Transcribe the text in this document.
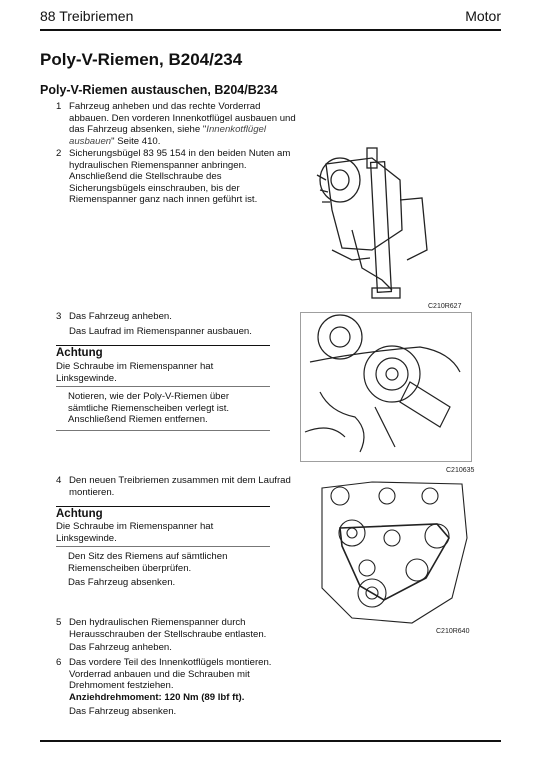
88 Treibriemen	Motor
Poly-V-Riemen, B204/234
Poly-V-Riemen austauschen, B204/B234
1 Fahrzeug anheben und das rechte Vorderrad abbauen. Den vorderen Innenkotflügel ausbauen und das Fahrzeug absenken, siehe "Innenkotflügel ausbauen" Seite 410.
2 Sicherungsbügel 83 95 154 in den beiden Nuten am hydraulischen Riemenspanner anbringen. Anschließend die Stellschraube des Sicherungsbügels einschrauben, bis der Riemenspanner ganz nach innen geführt ist.
3 Das Fahrzeug anheben.
Das Laufrad im Riemenspanner ausbauen.
Achtung
Die Schraube im Riemenspanner hat Linksgewinde.
Notieren, wie der Poly-V-Riemen über sämtliche Riemenscheiben verlegt ist. Anschließend Riemen entfernen.
4 Den neuen Treibriemen zusammen mit dem Laufrad montieren.
Achtung
Die Schraube im Riemenspanner hat Linksgewinde.
Den Sitz des Riemens auf sämtlichen Riemenscheiben überprüfen.
Das Fahrzeug absenken.
5 Den hydraulischen Riemenspanner durch Herausschrauben der Stellschraube entlasten.
Das Fahrzeug anheben.
6 Das vordere Teil des Innenkotflügels montieren. Vorderrad anbauen und die Schrauben mit Drehmoment festziehen.
Anziehdrehmoment: 120 Nm (89 lbf ft).
Das Fahrzeug absenken.
C210R627
C210635
C210R640
